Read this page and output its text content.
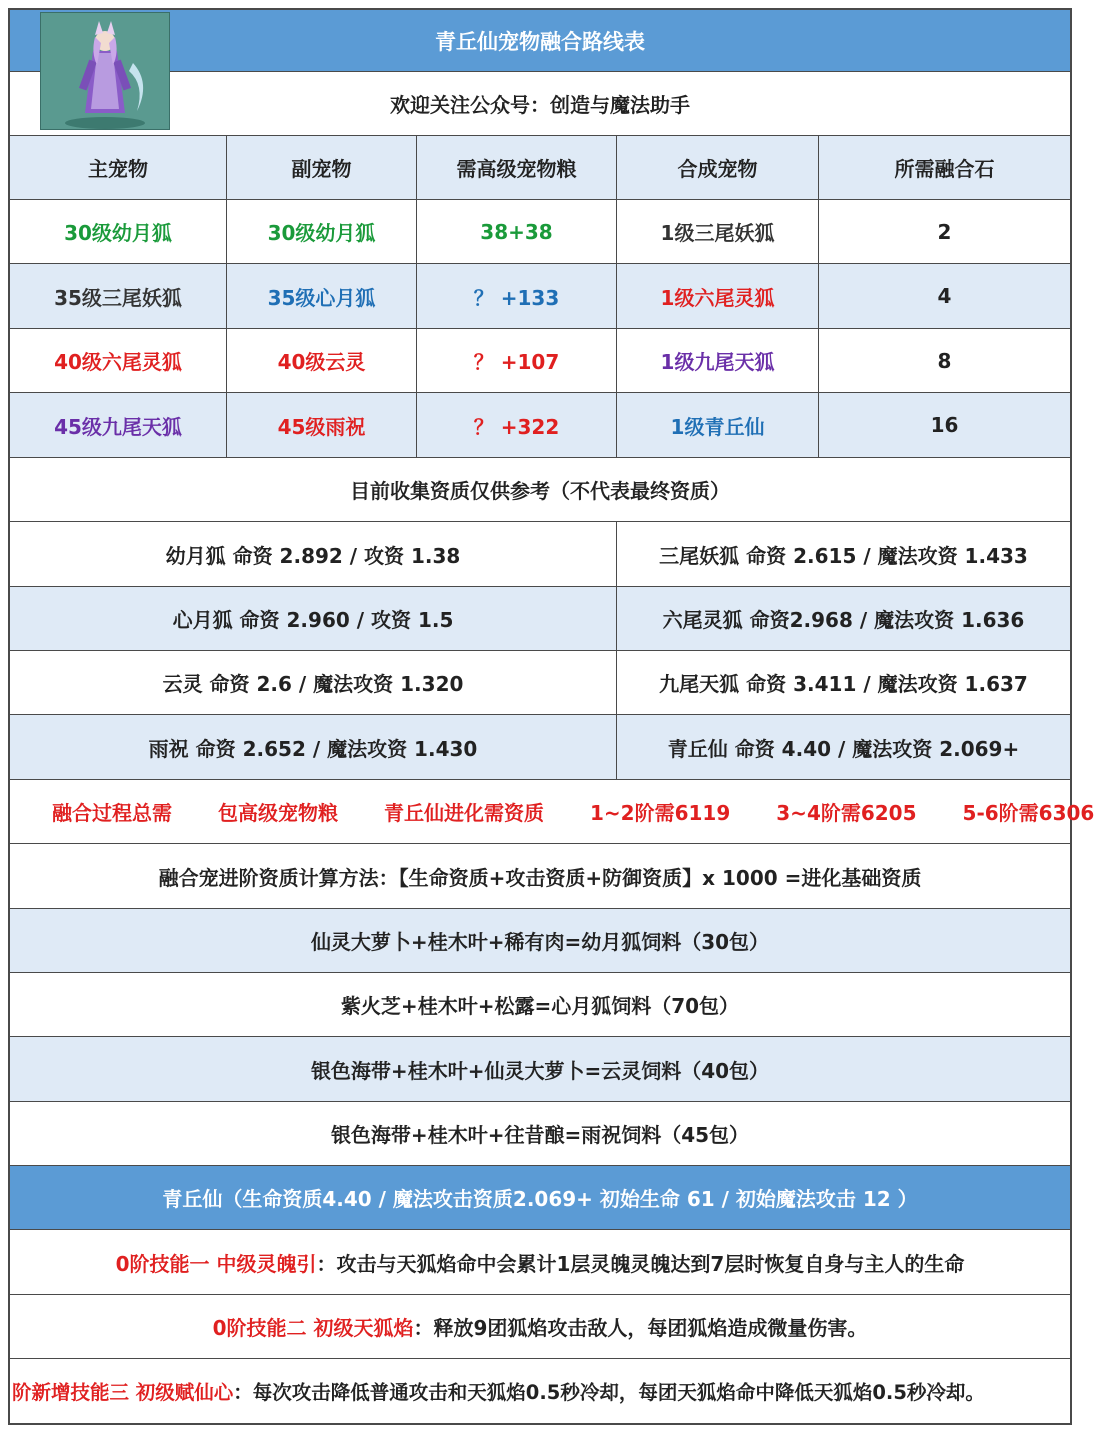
青丘仙宠物融合路线表
欢迎关注公众号：创造与魔法助手
主宠物	副宠物	需高级宠物粮	合成宠物	所需融合石
30级幼月狐	30级幼月狐	38+38	1级三尾妖狐	2
35级三尾妖狐	35级心月狐	？ +133	1级六尾灵狐	4
40级六尾灵狐	40级云灵	？ +107	1级九尾天狐	8
45级九尾天狐	45级雨祝	？ +322	1级青丘仙	16
目前收集资质仅供参考（不代表最终资质）
幼月狐 命资 2.892 / 攻资 1.38	三尾妖狐 命资 2.615 / 魔法攻资 1.433
心月狐 命资 2.960 / 攻资 1.5	六尾灵狐 命资2.968 / 魔法攻资 1.636
云灵 命资 2.6 / 魔法攻资 1.320	九尾天狐 命资 3.411 / 魔法攻资 1.637
雨祝 命资 2.652 / 魔法攻资 1.430	青丘仙 命资 4.40 / 魔法攻资 2.069+
融合过程总需 包高级宠物粮 青丘仙进化需资质 1~2阶需6119 3~4阶需6205 5-6阶需6306
融合宠进阶资质计算方法：【生命资质+攻击资质+防御资质】x 1000 =进化基础资质
仙灵大萝卜+桂木叶+稀有肉=幼月狐饲料（30包）
紫火芝+桂木叶+松露=心月狐饲料（70包）
银色海带+桂木叶+仙灵大萝卜=云灵饲料（40包）
银色海带+桂木叶+往昔酿=雨祝饲料（45包）
青丘仙（生命资质4.40 / 魔法攻击资质2.069+ 初始生命 61 / 初始魔法攻击 12 ）
0阶技能一 中级灵魄引 ：攻击与天狐焰命中会累计1层灵魄灵魄达到7层时恢复自身与主人的生命
0阶技能二 初级天狐焰 ：释放9团狐焰攻击敌人，每团狐焰造成微量伤害。
阶新增技能三 初级赋仙心 ：每次攻击降低普通攻击和天狐焰0.5秒冷却，每团天狐焰命中降低天狐焰0.5秒冷却。
